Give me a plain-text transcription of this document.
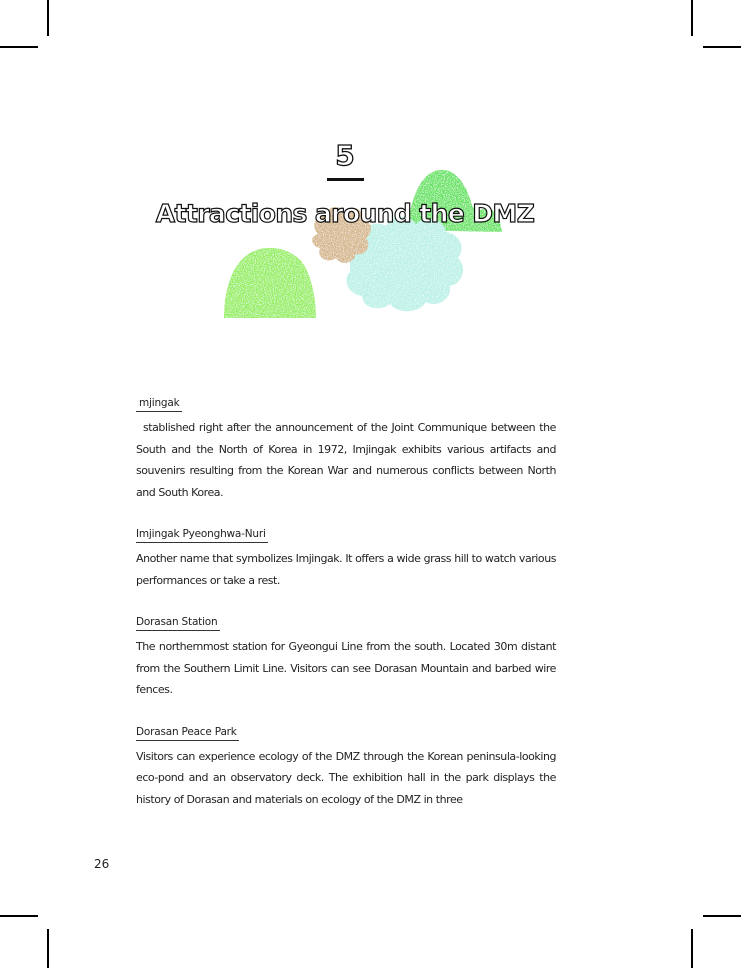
5
Attractions around the DMZ
mjingak
stablished right after the announcement of the Joint Communique between the South and the North of Korea in 1972, Imjingak exhibits various artifacts and souvenirs resulting from the Korean War and numerous conflicts between North and South Korea.
Imjingak Pyeonghwa-Nuri
Another name that symbolizes Imjingak. It offers a wide grass hill to watch various performances or take a rest.
Dorasan Station
The northernmost station for Gyeongui Line from the south. Located 30m distant from the Southern Limit Line. Visitors can see Dorasan Mountain and barbed wire fences.
Dorasan Peace Park
Visitors can experience ecology of the DMZ through the Korean peninsula-looking eco-pond and an observatory deck. The exhibition hall in the park displays the history of Dorasan and materials on ecology of the DMZ in three
26
